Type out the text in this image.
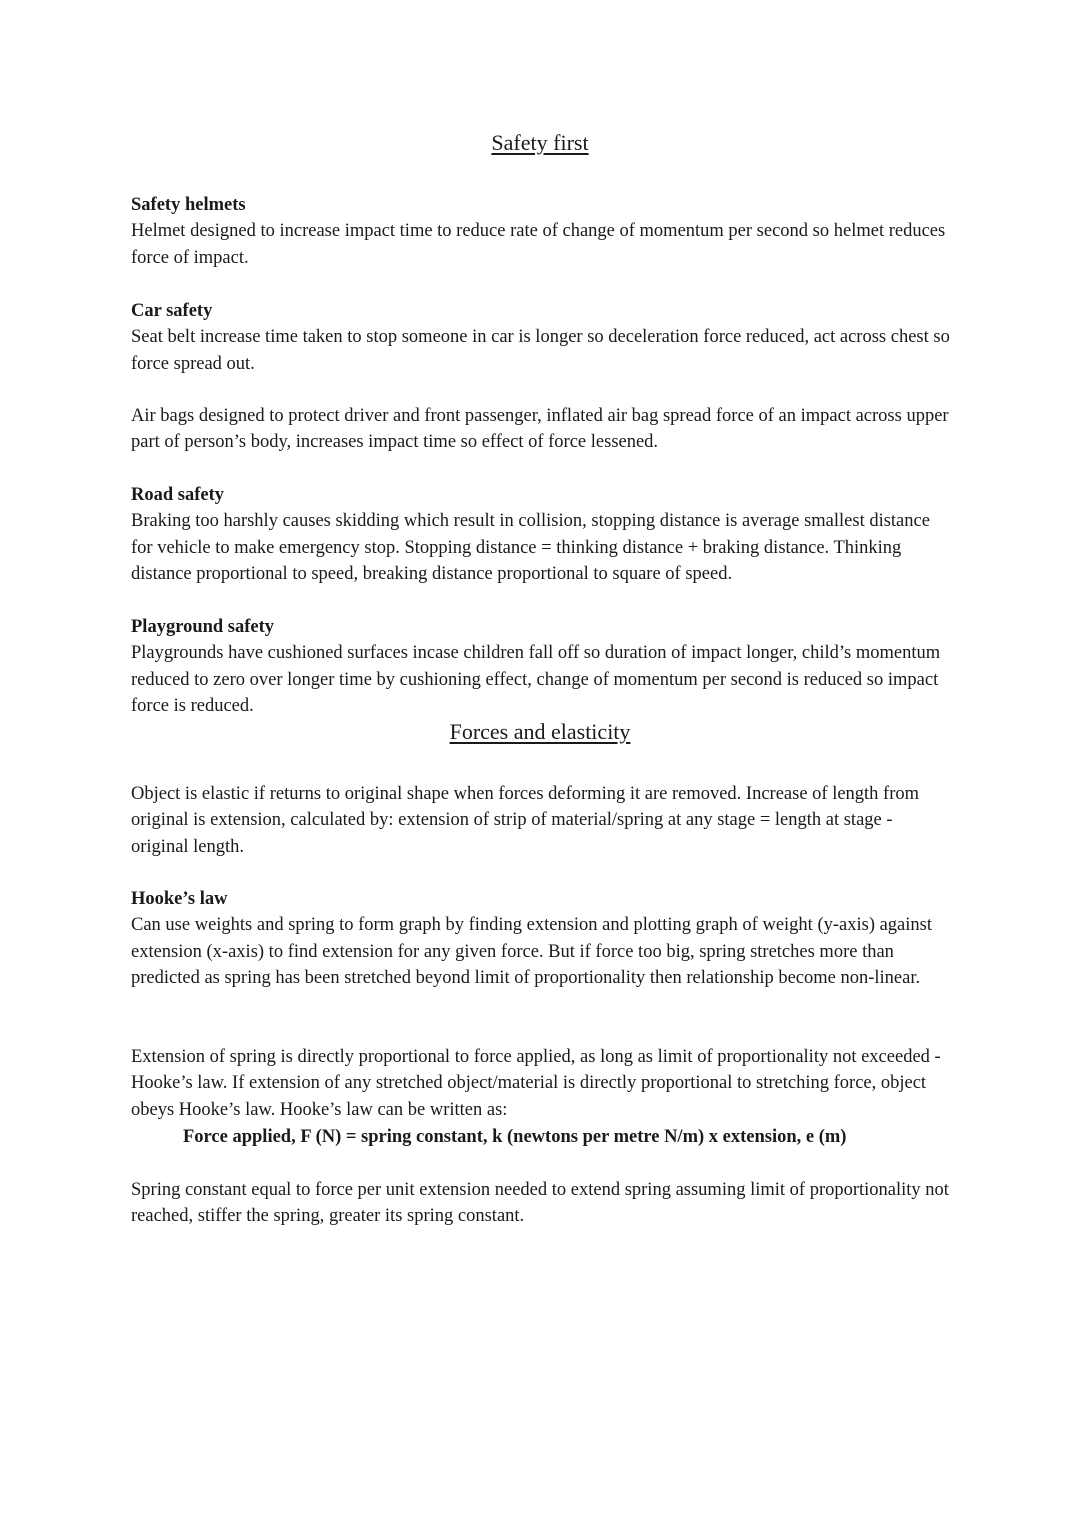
Safety first
Safety helmets
Helmet designed to increase impact time to reduce rate of change of momentum per second so helmet reduces force of impact.
Car safety
Seat belt increase time taken to stop someone in car is longer so deceleration force reduced, act across chest so force spread out.
Air bags designed to protect driver and front passenger, inflated air bag spread force of an impact across upper part of person’s body, increases impact time so effect of force lessened.
Road safety
Braking too harshly causes skidding which result in collision, stopping distance is average smallest distance for vehicle to make emergency stop. Stopping distance = thinking distance + braking distance. Thinking distance proportional to speed, breaking distance proportional to square of speed.
Playground safety
Playgrounds have cushioned surfaces incase children fall off so duration of impact longer, child’s momentum reduced to zero over longer time by cushioning effect, change of momentum per second is reduced so impact force is reduced.
Forces and elasticity
Object is elastic if returns to original shape when forces deforming it are removed. Increase of length from original is extension, calculated by: extension of strip of material/spring at any stage = length at stage - original length.
Hooke’s law
Can use weights and spring to form graph by finding extension and plotting graph of weight (y-axis) against extension (x-axis) to find extension for any given force. But if force too big, spring stretches more than predicted as spring has been stretched beyond limit of proportionality then relationship become non-linear.
Extension of spring is directly proportional to force applied, as long as limit of proportionality not exceeded - Hooke’s law. If extension of any stretched object/material is directly proportional to stretching force, object obeys Hooke’s law. Hooke’s law can be written as:

Force applied, F (N) = spring constant, k (newtons per metre N/m) x extension, e (m)

Spring constant equal to force per unit extension needed to extend spring assuming limit of proportionality not reached, stiffer the spring, greater its spring constant.
